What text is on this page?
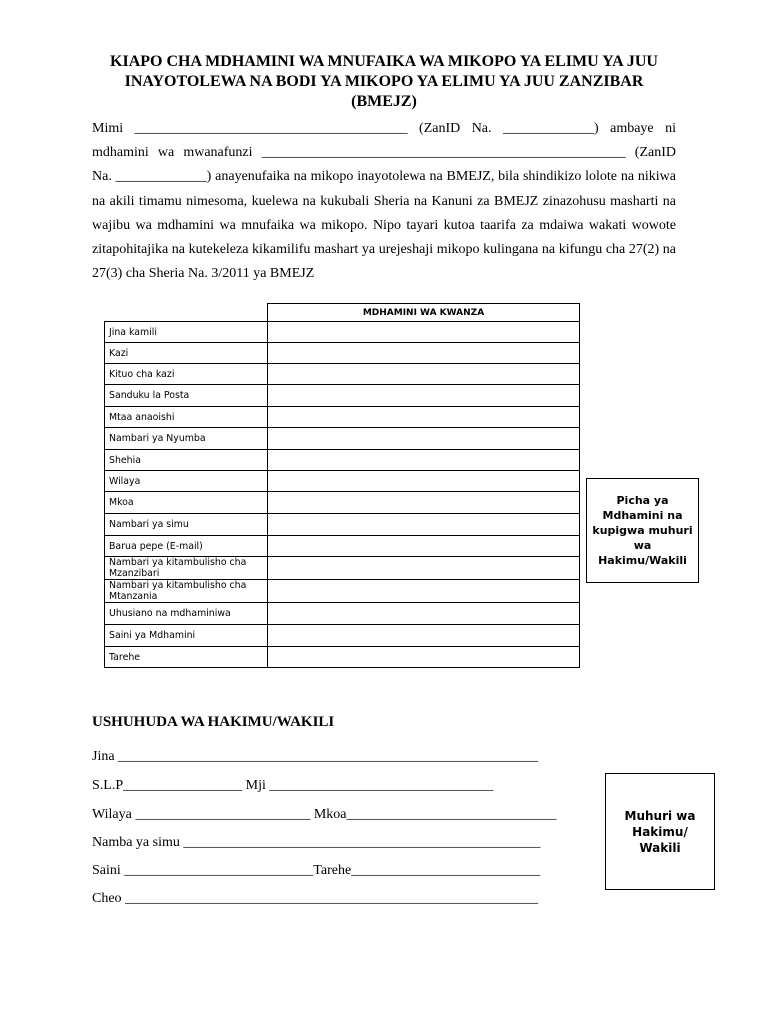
KIAPO CHA MDHAMINI WA MNUFAIKA WA MIKOPO YA ELIMU YA JUU
INAYOTOLEWA NA BODI YA MIKOPO YA ELIMU YA JUU ZANZIBAR
(BMEJZ)

Mimi _______________________________________ (ZanID Na. _____________) ambaye ni mdhamini wa mwanafunzi ____________________________________________________ (ZanID Na. _____________) anayenufaika na mikopo inayotolewa na BMEJZ, bila shindikizo lolote na nikiwa na akili timamu nimesoma, kuelewa na kukubali Sheria na Kanuni za BMEJZ zinazohusu masharti na wajibu wa mdhamini wa mnufaika wa mikopo. Nipo tayari kutoa taarifa za mdaiwa wakati wowote zitapohitajika na kutekeleza kikamilifu mashart ya urejeshaji mikopo kulingana na kifungu cha 27(2) na 27(3) cha Sheria Na. 3/2011 ya BMEJZ

	MDHAMINI WA KWANZA
Jina kamili	
Kazi	
Kituo cha kazi	
Sanduku la Posta	
Mtaa anaoishi	
Nambari ya Nyumba	
Shehia	
Wilaya	
Mkoa	
Nambari ya simu	
Barua pepe (E-mail)	
Nambari ya kitambulisho cha Mzanzibari	
Nambari ya kitambulisho cha Mtanzania	
Uhusiano na mdhaminiwa	
Saini ya Mdhamini	
Tarehe	
Picha ya Mdhamini na kupigwa muhuri wa Hakimu/Wakili
USHUHUDA WA HAKIMU/WAKILI
Jina ____________________________________________________________
S.L.P_________________ Mji ________________________________
Wilaya _________________________ Mkoa______________________________
Namba ya simu ___________________________________________________
Saini ___________________________Tarehe___________________________
Cheo ___________________________________________________________
Muhuri wa Hakimu/ Wakili
